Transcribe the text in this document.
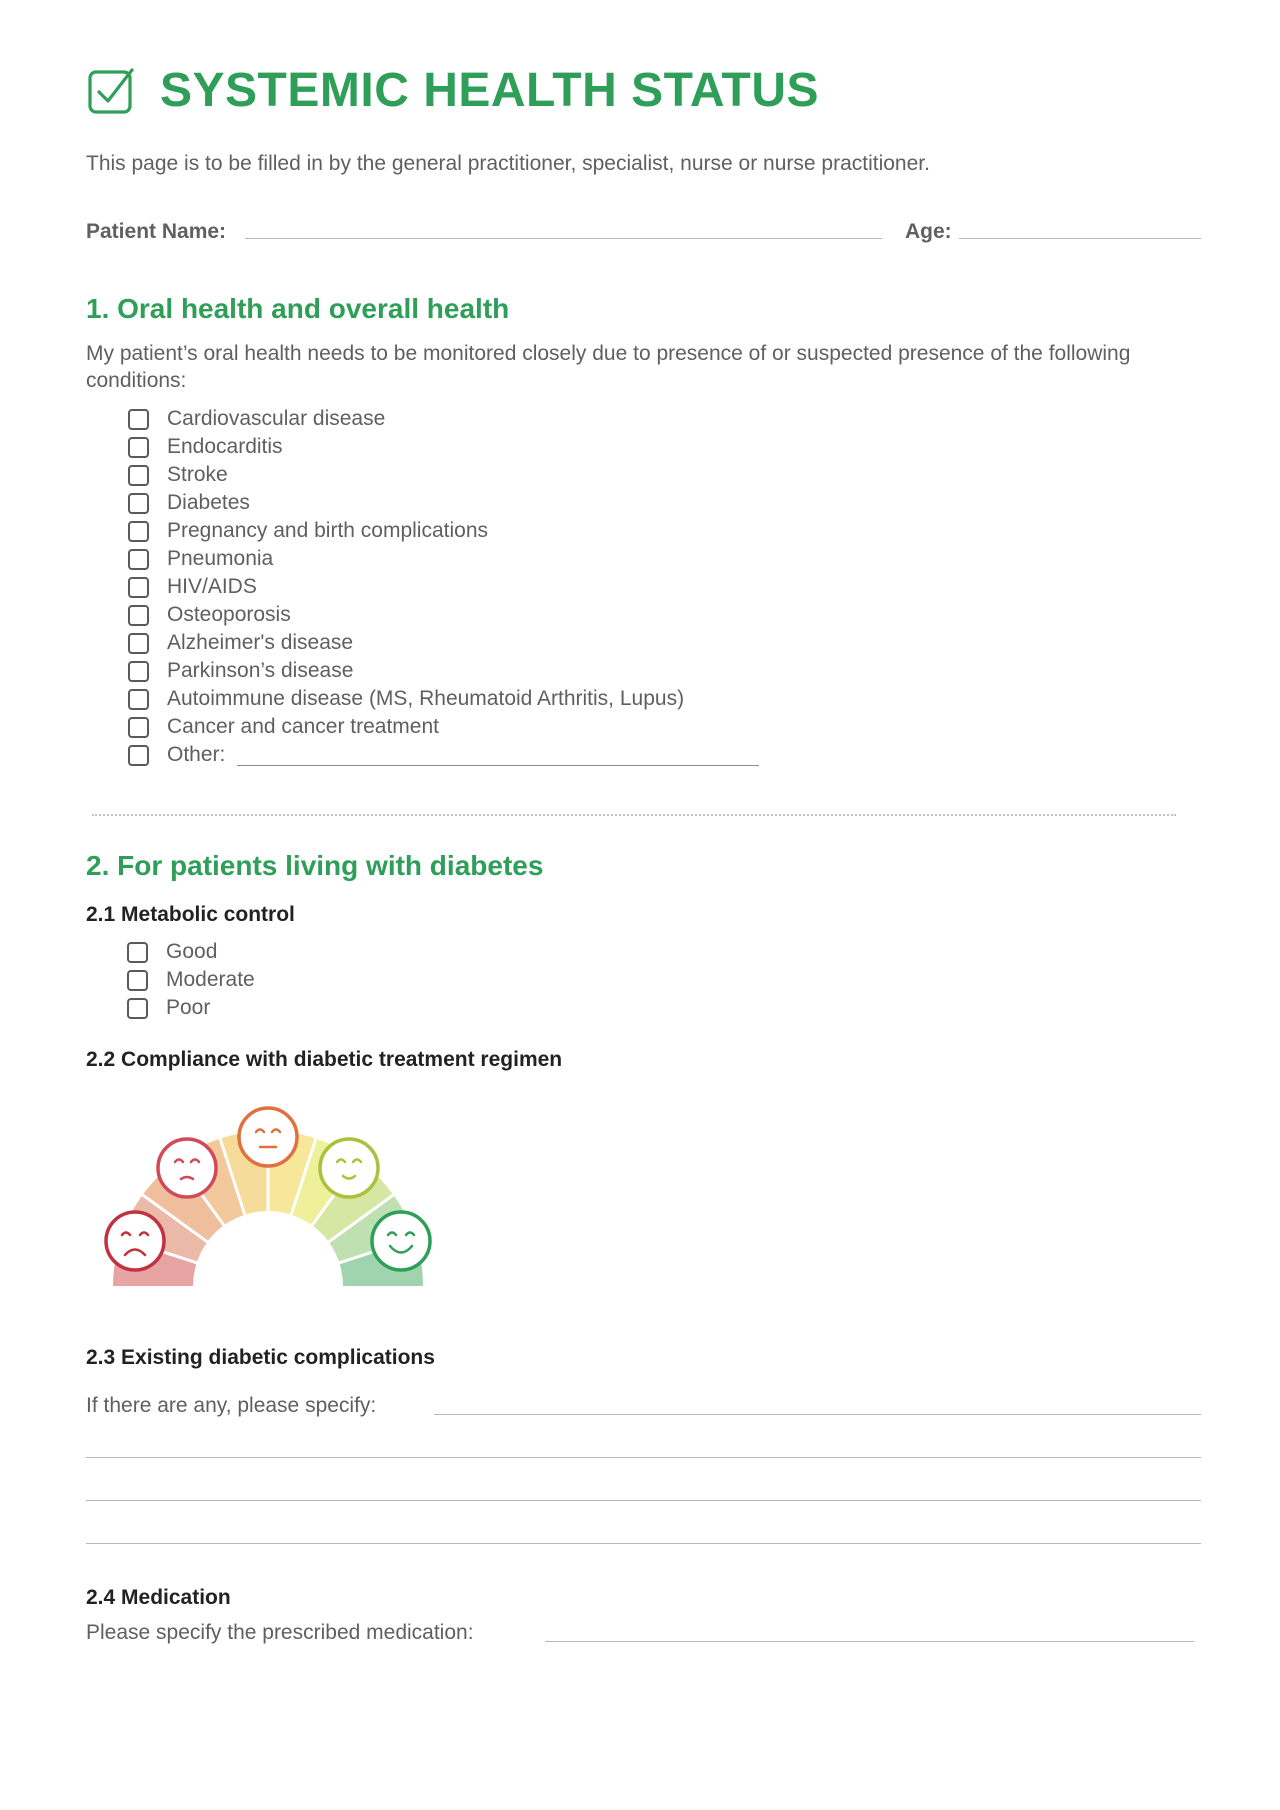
SYSTEMIC HEALTH STATUS
This page is to be filled in by the general practitioner, specialist, nurse or nurse practitioner.
Patient Name:	Age:
1. Oral health and overall health
My patient’s oral health needs to be monitored closely due to presence of or suspected presence of the following conditions:
Cardiovascular disease
Endocarditis
Stroke
Diabetes
Pregnancy and birth complications
Pneumonia
HIV/AIDS
Osteoporosis
Alzheimer's disease
Parkinson’s disease
Autoimmune disease (MS, Rheumatoid Arthritis, Lupus)
Cancer and cancer treatment
Other:
2. For patients living with diabetes
2.1 Metabolic control
Good
Moderate
Poor
2.2 Compliance with diabetic treatment regimen
2.3 Existing diabetic complications
If there are any, please specify:
2.4 Medication
Please specify the prescribed medication:
